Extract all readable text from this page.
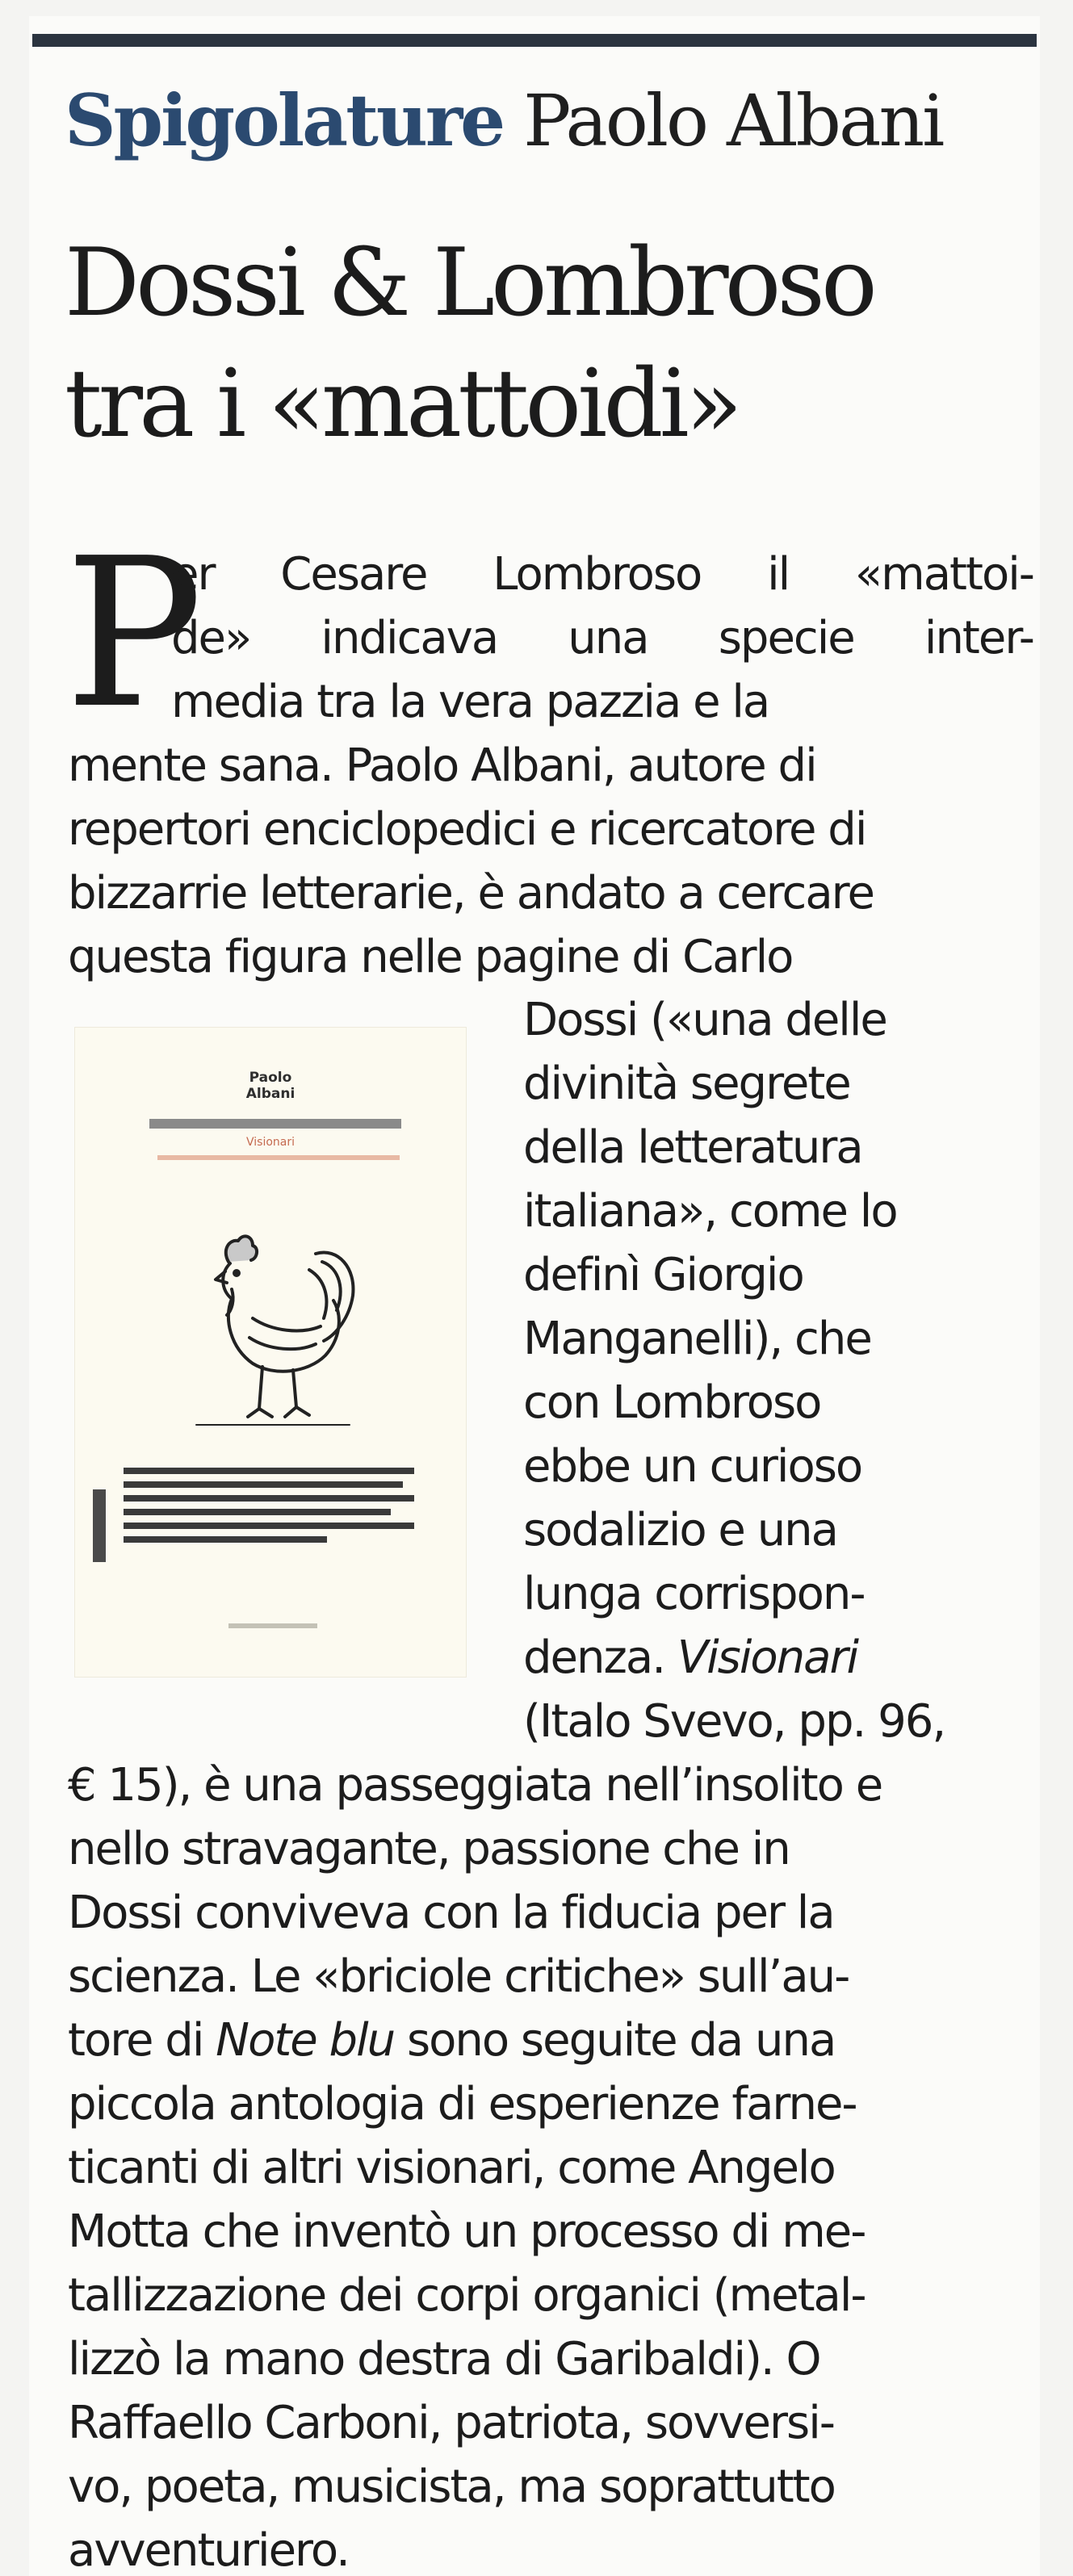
Spigolature Paolo Albani
Dossi & Lombroso
tra i «mattoidi»
P
er Cesare Lombroso il «mattoi-
de» indicava una specie inter-
media tra la vera pazzia e la
mente sana. Paolo Albani, autore di
repertori enciclopedici e ricercatore di
bizzarrie letterarie, è andato a cercare
questa figura nelle pagine di Carlo
Paolo
Albani
Visionari
Dossi («una delle
divinità segrete
della letteratura
italiana», come lo
definì Giorgio
Manganelli), che
con Lombroso
ebbe un curioso
sodalizio e una
lunga corrispon-
denza. Visionari
(Italo Svevo, pp. 96,
€ 15), è una passeggiata nell’insolito e
nello stravagante, passione che in
Dossi conviveva con la fiducia per la
scienza. Le «briciole critiche» sull’au-
tore di Note blu sono seguite da una
piccola antologia di esperienze farne-
ticanti di altri visionari, come Angelo
Motta che inventò un processo di me-
tallizzazione dei corpi organici (metal-
lizzò la mano destra di Garibaldi). O
Raffaello Carboni, patriota, sovversi-
vo, poeta, musicista, ma soprattutto
avventuriero.
